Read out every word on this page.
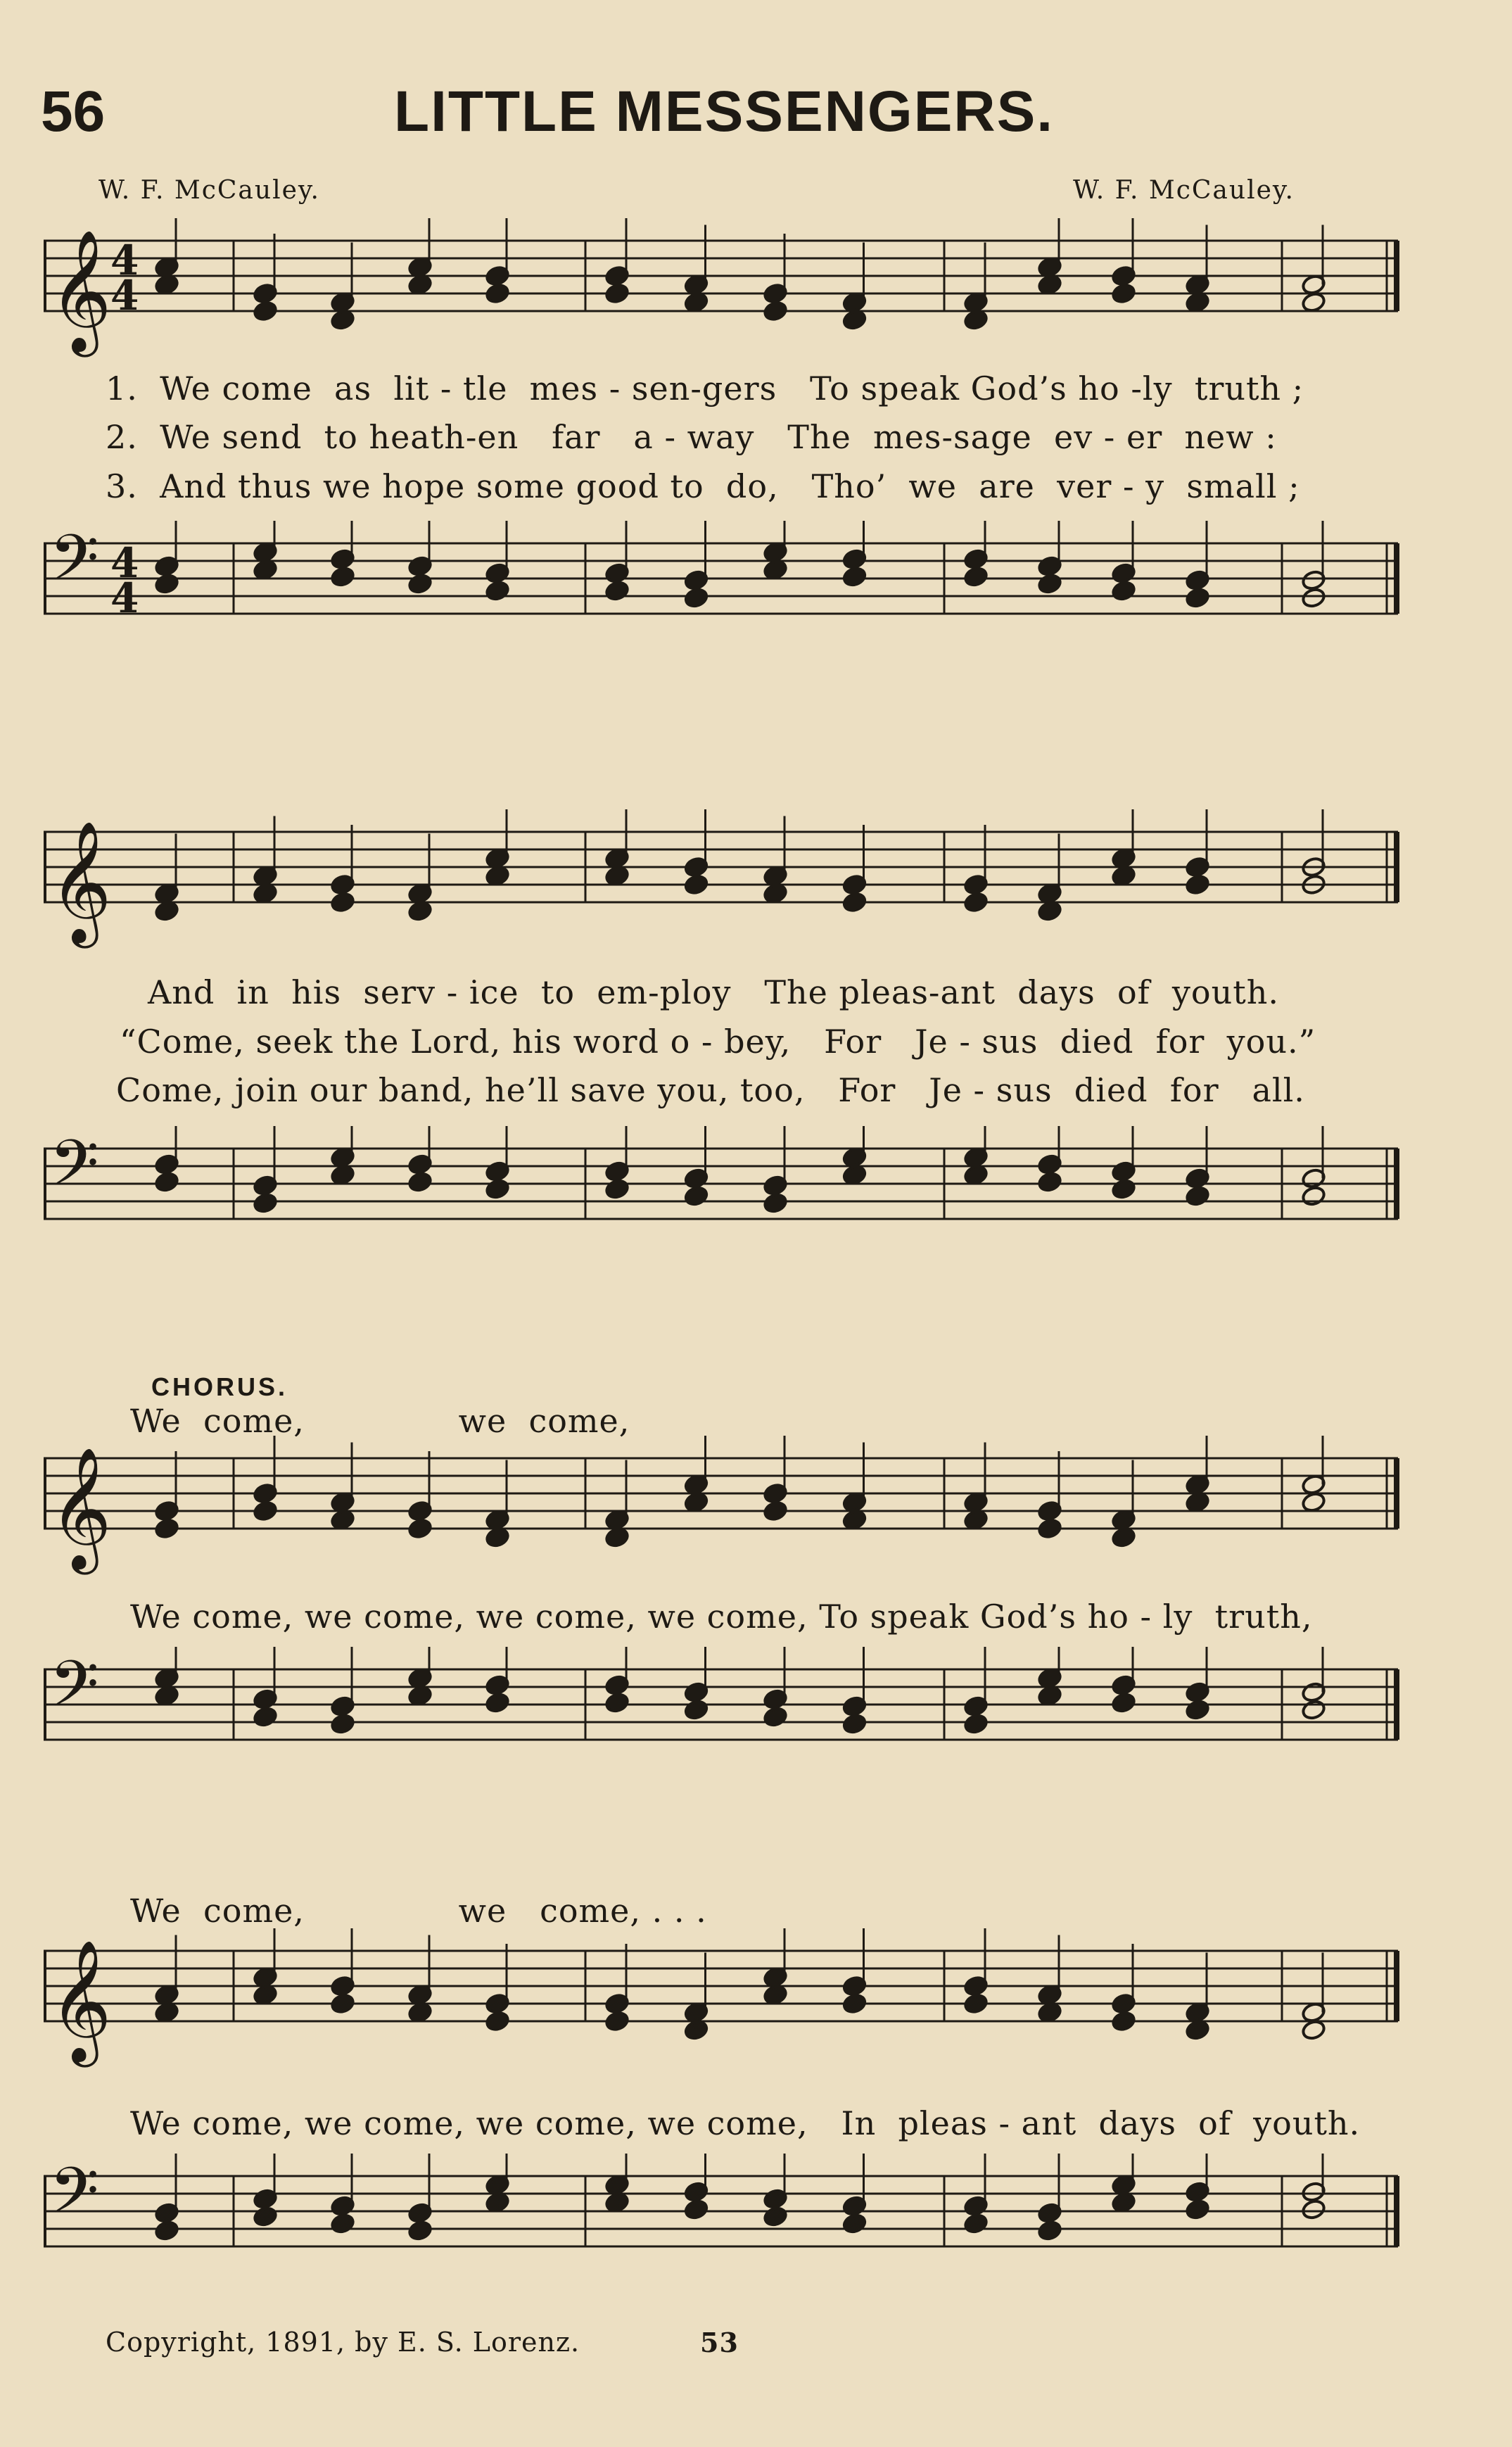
56	LITTLE MESSENGERS.
W. F. McCauley.	W. F. McCauley.
𝄞
4
4
1.  We come  as  lit - tle  mes - sen-gers   To speak God’s ho -ly  truth ;
2.  We send  to heath-en   far   a - way   The  mes-sage  ev - er  new :
3.  And thus we hope some good to  do,   Tho’  we  are  ver - y  small ;
𝄢 4
4
𝄞
And  in  his  serv - ice  to  em-ploy   The pleas-ant  days  of  youth.
“Come, seek the Lord, his word o - bey,   For   Je - sus  died  for  you.”
Come, join our band, he’ll save you, too,   For   Je - sus  died  for   all.
𝄢
CHORUS.
We  come,              we  come,
𝄞
We come, we come, we come, we come, To speak God’s ho - ly  truth,
𝄢
We  come,              we   come, . . .
𝄞
We come, we come, we come, we come,   In  pleas - ant  days  of  youth.
𝄢
Copyright, 1891, by E. S. Lorenz.	53
